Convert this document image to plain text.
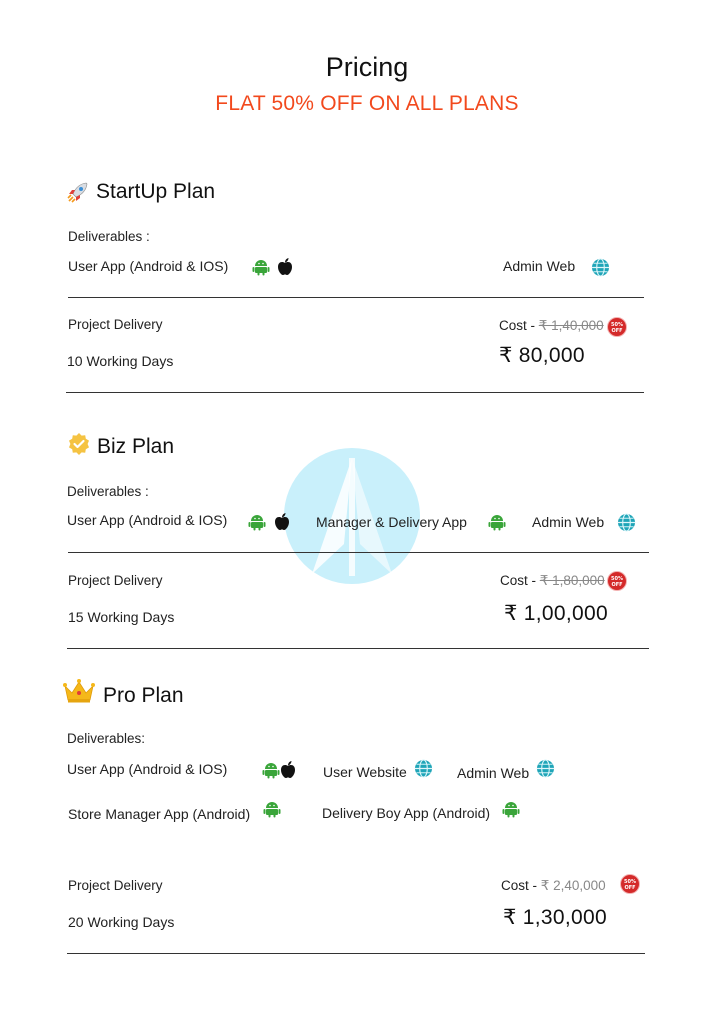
Pricing
FLAT 50% OFF ON ALL PLANS
StartUp Plan
Deliverables :
User App (Android & IOS)	Admin Web
Project Delivery
10 Working Days
Cost - ₹ 1,40,000	50% OFF
₹ 80,000
Biz Plan
Deliverables :
User App (Android & IOS)	Manager & Delivery App	Admin Web
Project Delivery
15 Working Days
Cost - ₹ 1,80,000	50% OFF
₹ 1,00,000
Pro Plan
Deliverables:
User App (Android & IOS)	User Website	Admin Web
Store Manager App (Android)	Delivery Boy App (Android)
Project Delivery
20 Working Days
Cost - ₹ 2,40,000	50% OFF
₹ 1,30,000
